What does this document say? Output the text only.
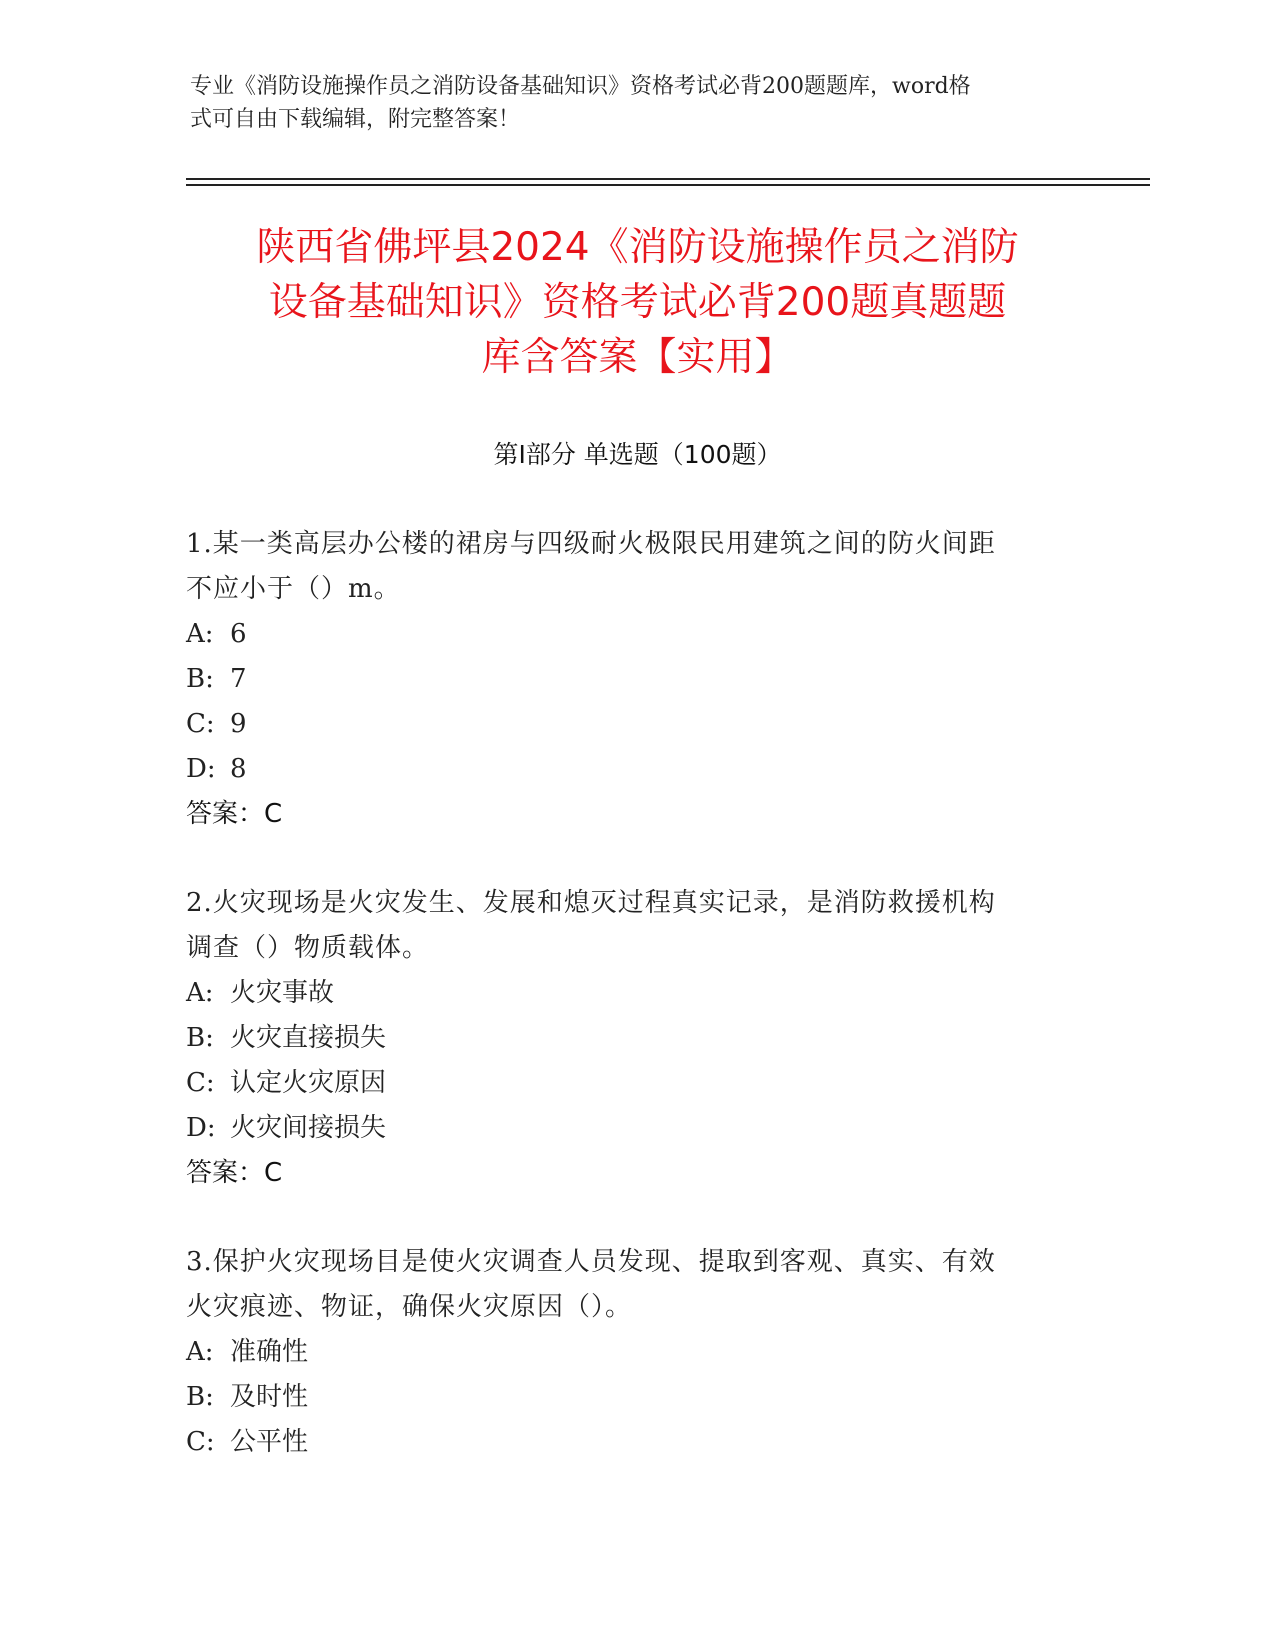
专业《消防设施操作员之消防设备基础知识》资格考试必背200题题库，word格
式可自由下载编辑，附完整答案！
陕西省佛坪县2024《消防设施操作员之消防
设备基础知识》资格考试必背200题真题题
库含答案【实用】
第Ⅰ部分 单选题（100题）
1.某一类高层办公楼的裙房与四级耐火极限民用建筑之间的防火间距
不应小于（）m。
A: 6
B: 7
C: 9
D: 8
答案：C
2.火灾现场是火灾发生、发展和熄灭过程真实记录，是消防救援机构
调查（）物质载体。
A: 火灾事故
B: 火灾直接损失
C: 认定火灾原因
D: 火灾间接损失
答案：C
3.保护火灾现场目是使火灾调查人员发现、提取到客观、真实、有效
火灾痕迹、物证，确保火灾原因（）。
A: 准确性
B: 及时性
C: 公平性
